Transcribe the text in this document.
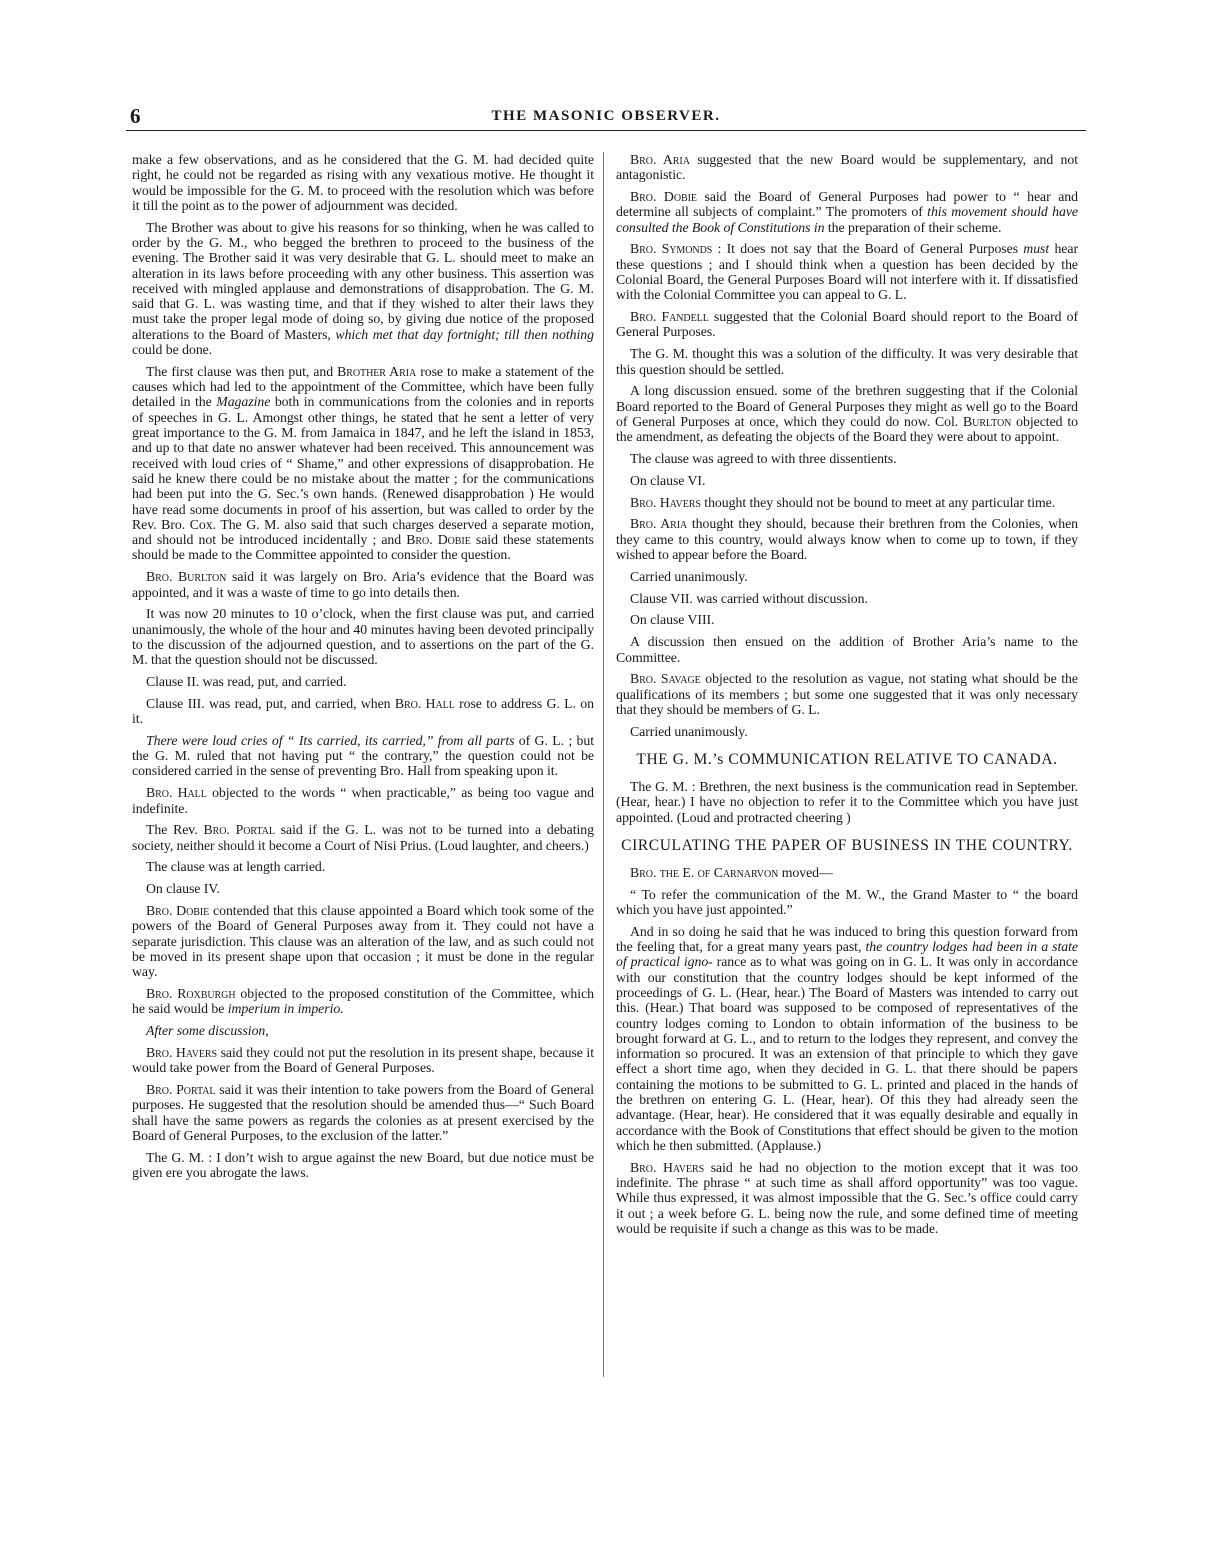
6	THE MASONIC OBSERVER.

make a few observations, and as he considered that the G. M. had decided quite right, he could not be regarded as rising with any vexatious motive. He thought it would be impossible for the G. M. to proceed with the resolution which was before it till the point as to the power of adjournment was decided.

The Brother was about to give his reasons for so thinking, when he was called to order by the G. M., who begged the brethren to proceed to the business of the evening. The Brother said it was very desirable that G. L. should meet to make an alteration in its laws before proceeding with any other business. This assertion was received with mingled applause and demonstrations of disapprobation. The G. M. said that G. L. was wasting time, and that if they wished to alter their laws they must take the proper legal mode of doing so, by giving due notice of the proposed alterations to the Board of Masters, which met that day fortnight; till then nothing could be done.

The first clause was then put, and Brother Aria rose to make a statement of the causes which had led to the appointment of the Committee, which have been fully detailed in the Magazine both in communications from the colonies and in reports of speeches in G. L. Amongst other things, he stated that he sent a letter of very great importance to the G. M. from Jamaica in 1847, and he left the island in 1853, and up to that date no answer whatever had been received. This announcement was received with loud cries of “ Shame,” and other expressions of disapprobation. He said he knew there could be no mistake about the matter ; for the communications had been put into the G. Sec.’s own hands. (Renewed disapprobation ) He would have read some documents in proof of his assertion, but was called to order by the Rev. Bro. Cox. The G. M. also said that such charges deserved a separate motion, and should not be introduced incidentally ; and Bro. Dobie said these statements should be made to the Committee appointed to consider the question.

Bro. Burlton said it was largely on Bro. Aria’s evidence that the Board was appointed, and it was a waste of time to go into details then.

It was now 20 minutes to 10 o’clock, when the first clause was put, and carried unanimously, the whole of the hour and 40 minutes having been devoted principally to the discussion of the adjourned question, and to assertions on the part of the G. M. that the question should not be discussed.

Clause II. was read, put, and carried.

Clause III. was read, put, and carried, when Bro. Hall rose to address G. L. on it.

There were loud cries of “ Its carried, its carried,” from all parts of G. L. ; but the G. M. ruled that not having put “ the contrary,” the question could not be considered carried in the sense of preventing Bro. Hall from speaking upon it.

Bro. Hall objected to the words “ when practicable,” as being too vague and indefinite.

The Rev. Bro. Portal said if the G. L. was not to be turned into a debating society, neither should it become a Court of Nisi Prius. (Loud laughter, and cheers.)

The clause was at length carried.

On clause IV.

Bro. Dobie contended that this clause appointed a Board which took some of the powers of the Board of General Purposes away from it. They could not have a separate jurisdiction. This clause was an alteration of the law, and as such could not be moved in its present shape upon that occasion ; it must be done in the regular way.

Bro. Roxburgh objected to the proposed constitution of the Committee, which he said would be imperium in imperio.

After some discussion,

Bro. Havers said they could not put the resolution in its present shape, because it would take power from the Board of General Purposes.

Bro. Portal said it was their intention to take powers from the Board of General purposes. He suggested that the resolution should be amended thus—“ Such Board shall have the same powers as regards the colonies as at present exercised by the Board of General Purposes, to the exclusion of the latter.”

The G. M. : I don’t wish to argue against the new Board, but due notice must be given ere you abrogate the laws.

Bro. Aria suggested that the new Board would be supplementary, and not antagonistic.

Bro. Dobie said the Board of General Purposes had power to “ hear and determine all subjects of complaint.” The promoters of this movement should have consulted the Book of Constitutions in the preparation of their scheme.

Bro. Symonds : It does not say that the Board of General Purposes must hear these questions ; and I should think when a question has been decided by the Colonial Board, the General Purposes Board will not interfere with it. If dissatisfied with the Colonial Committee you can appeal to G. L.

Bro. Fandell suggested that the Colonial Board should report to the Board of General Purposes.

The G. M. thought this was a solution of the difficulty. It was very desirable that this question should be settled.

A long discussion ensued. some of the brethren suggesting that if the Colonial Board reported to the Board of General Purposes they might as well go to the Board of General Purposes at once, which they could do now. Col. Burlton objected to the amendment, as defeating the objects of the Board they were about to appoint.

The clause was agreed to with three dissentients.

On clause VI.

Bro. Havers thought they should not be bound to meet at any particular time.

Bro. Aria thought they should, because their brethren from the Colonies, when they came to this country, would always know when to come up to town, if they wished to appear before the Board.

Carried unanimously.

Clause VII. was carried without discussion.

On clause VIII.

A discussion then ensued on the addition of Brother Aria’s name to the Committee.

Bro. Savage objected to the resolution as vague, not stating what should be the qualifications of its members ; but some one suggested that it was only necessary that they should be members of G. L.

Carried unanimously.

THE G. M.’s COMMUNICATION RELATIVE TO CANADA.

The G. M. : Brethren, the next business is the communication read in September. (Hear, hear.) I have no objection to refer it to the Committee which you have just appointed. (Loud and protracted cheering )

CIRCULATING THE PAPER OF BUSINESS IN THE COUNTRY.

Bro. the E. of Carnarvon moved—

“ To refer the communication of the M. W., the Grand Master to “ the board which you have just appointed.”

And in so doing he said that he was induced to bring this question forward from the feeling that, for a great many years past, the country lodges had been in a state of practical igno- rance as to what was going on in G. L. It was only in accordance with our constitution that the country lodges should be kept informed of the proceedings of G. L. (Hear, hear.) The Board of Masters was intended to carry out this. (Hear.) That board was supposed to be composed of representatives of the country lodges coming to London to obtain information of the business to be brought forward at G. L., and to return to the lodges they represent, and convey the information so procured. It was an extension of that principle to which they gave effect a short time ago, when they decided in G. L. that there should be papers containing the motions to be submitted to G. L. printed and placed in the hands of the brethren on entering G. L. (Hear, hear). Of this they had already seen the advantage. (Hear, hear). He considered that it was equally desirable and equally in accordance with the Book of Constitutions that effect should be given to the motion which he then submitted. (Applause.)

Bro. Havers said he had no objection to the motion except that it was too indefinite. The phrase “ at such time as shall afford opportunity” was too vague. While thus expressed, it was almost impossible that the G. Sec.’s office could carry it out ; a week before G. L. being now the rule, and some defined time of meeting would be requisite if such a change as this was to be made.
